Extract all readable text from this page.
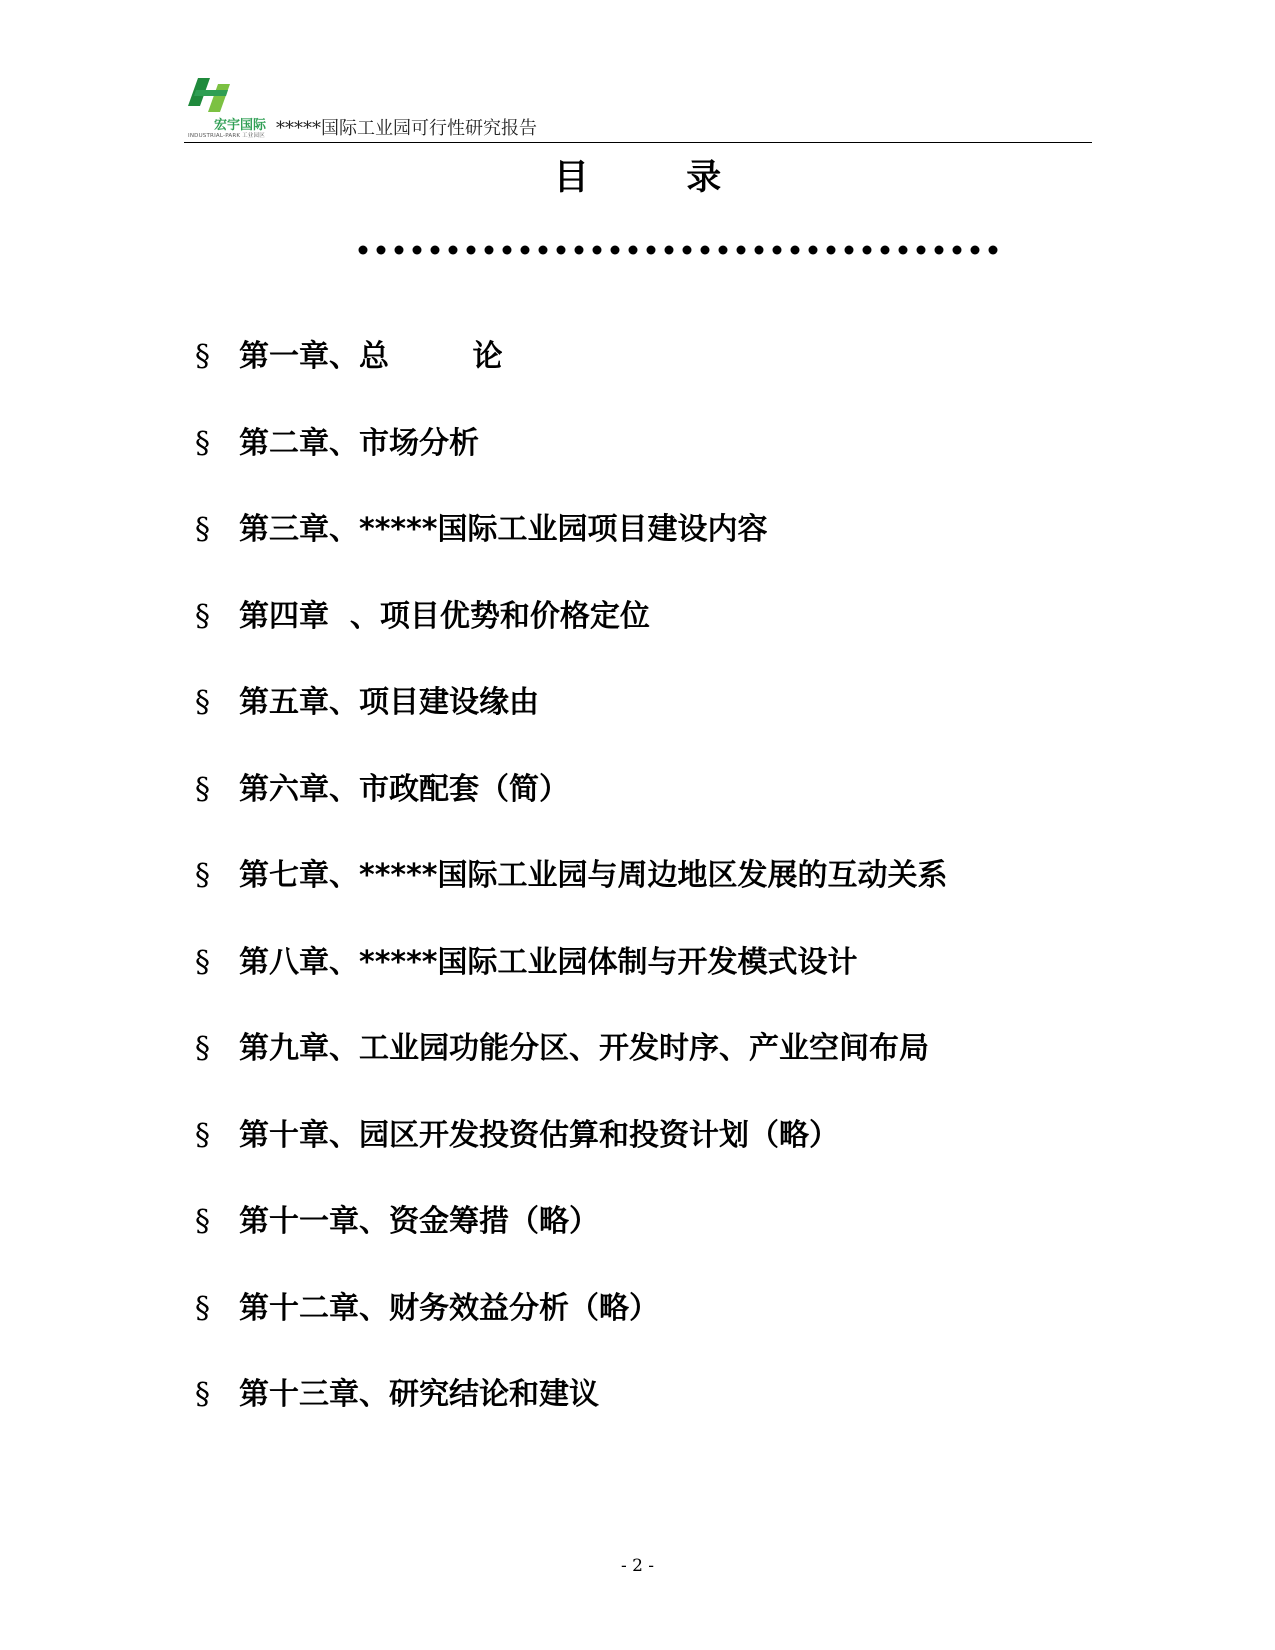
宏宇国际
INDUSTRIAL-PARK 工业园区 *****国际工业园可行性研究报告
目        录
§ 第一章、总        论
§ 第二章、市场分析
§ 第三章、*****国际工业园项目建设内容
§ 第四章  、项目优势和价格定位
§ 第五章、项目建设缘由
§ 第六章、市政配套（简）
§ 第七章、*****国际工业园与周边地区发展的互动关系
§ 第八章、*****国际工业园体制与开发模式设计
§ 第九章、工业园功能分区、开发时序、产业空间布局
§ 第十章、园区开发投资估算和投资计划（略）
§ 第十一章、资金筹措（略）
§ 第十二章、财务效益分析（略）
§ 第十三章、研究结论和建议
- 2 -
